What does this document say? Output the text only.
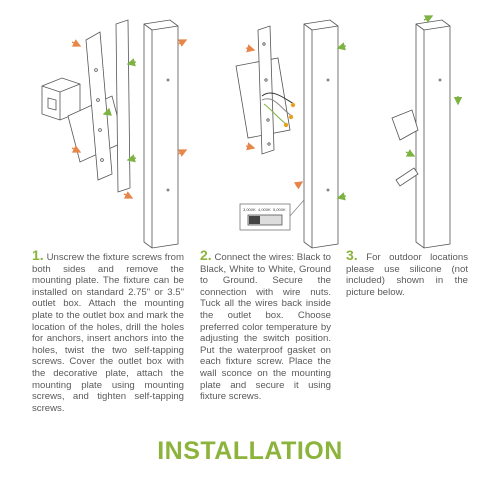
3,000K 4,000K 5,000K
1. Unscrew the fixture screws from both sides and remove the mounting plate. The fixture can be installed on standard 2.75" or 3.5" outlet box. Attach the mounting plate to the outlet box and mark the location of the holes, drill the holes for anchors, insert anchors into the holes, twist the two self-tapping screws. Cover the outlet box with the decorative plate, attach the mounting plate using mounting screws, and tighten self-tapping screws.
2. Connect the wires: Black to Black, White to White, Ground to Ground. Secure the connection with wire nuts. Tuck all the wires back inside the outlet box. Choose preferred color temperature by adjusting the switch position. Put the waterproof gasket on each fixture screw. Place the wall sconce on the mounting plate and secure it using fixture screws.
3. For outdoor locations please use silicone (not included) shown in the picture below.
INSTALLATION
